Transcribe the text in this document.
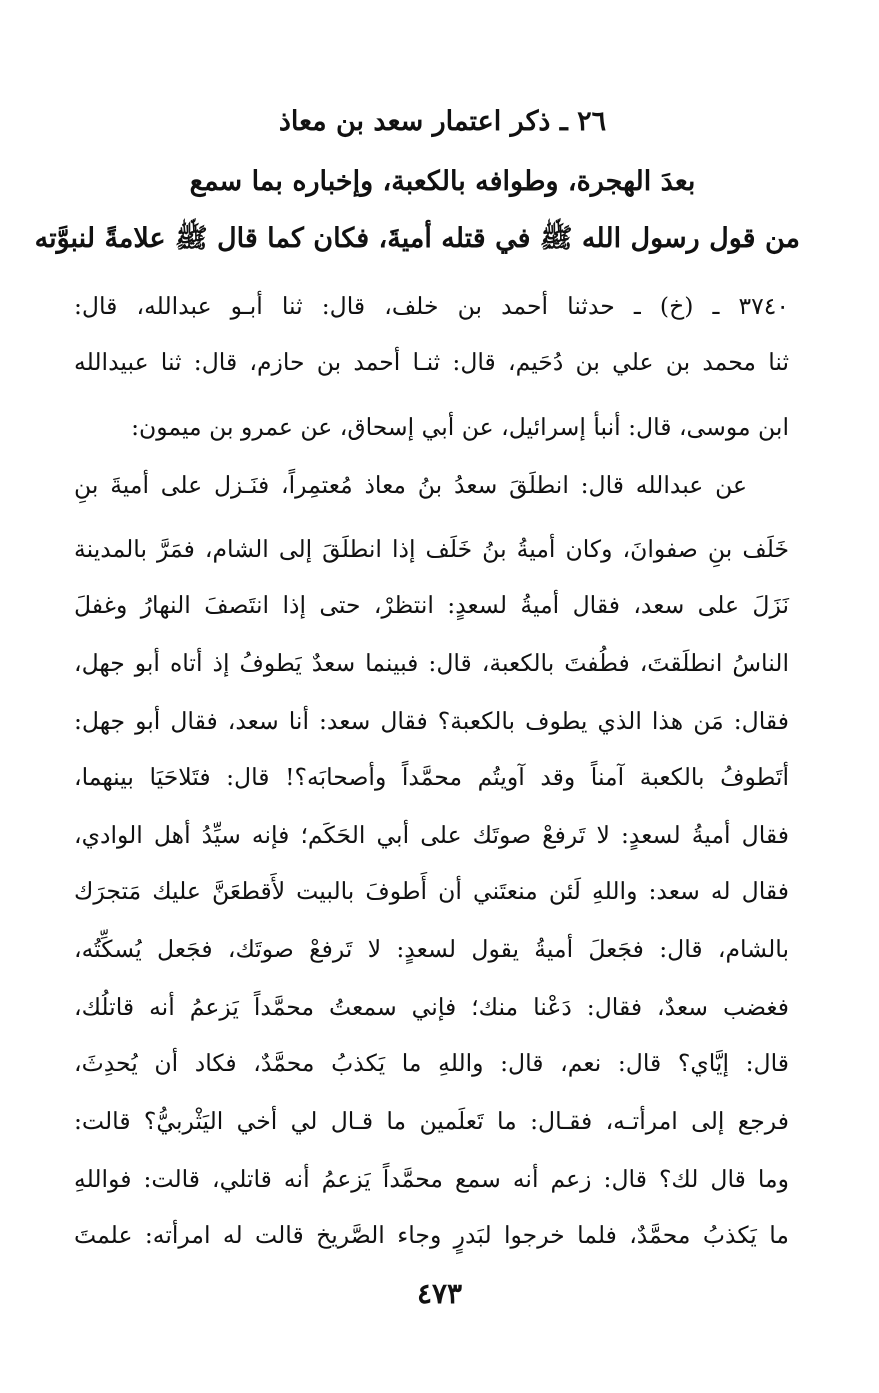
٢٦ ـ ذكر اعتمار سعد بن معاذ
بعدَ الهجرة، وطوافه بالكعبة، وإخباره بما سمع
من قول رسول الله ﷺ في قتله أميةَ، فكان كما قال ﷺ علامةً لنبوَّته
٣٧٤٠ ـ (خ) ـ حدثنا أحمد بن خلف، قال: ثنا أبـو عبدالله، قال:
ثنا محمد بن علي بن دُحَيم، قال: ثنـا أحمد بن حازم، قال: ثنا عبيدالله
ابن موسى، قال: أنبأ إسرائيل، عن أبي إسحاق، عن عمرو بن ميمون:
عن عبدالله قال: انطلَقَ سعدُ بنُ معاذ مُعتمِراً، فنَـزل على أميةَ بنِ
خَلَف بنِ صفوانَ، وكان أميةُ بنُ خَلَف إذا انطلَقَ إلى الشام، فمَرَّ بالمدينة
نَزَلَ على سعد، فقال أميةُ لسعدٍ: انتظرْ، حتى إذا انتَصفَ النهارُ وغفلَ
الناسُ انطلَقتَ، فطُفتَ بالكعبة، قال: فبينما سعدٌ يَطوفُ إذ أتاه أبو جهل،
فقال: مَن هذا الذي يطوف بالكعبة؟ فقال سعد: أنا سعد، فقال أبو جهل:
أتَطوفُ بالكعبة آمناً وقد آويتُم محمَّداً وأصحابَه؟! قال: فتَلاحَيَا بينهما،
فقال أميةُ لسعدٍ: لا تَرفعْ صوتَك على أبي الحَكَم؛ فإنه سيِّدُ أهل الوادي،
فقال له سعد: واللهِ لَئن منعتَني أن أَطوفَ بالبيت لأَقطعَنَّ عليك مَتجرَك
بالشام، قال: فجَعلَ أميةُ يقول لسعدٍ: لا تَرفعْ صوتَك، فجَعل يُسكِّتُه،
فغضب سعدٌ، فقال: دَعْنا منك؛ فإني سمعتُ محمَّداً يَزعمُ أنه قاتلُك،
قال: إيَّاي؟ قال: نعم، قال: واللهِ ما يَكذبُ محمَّدٌ، فكاد أن يُحدِثَ،
فرجع إلى امرأتـه، فقـال: ما تَعلَمين ما قـال لي أخي اليَثْربيُّ؟ قالت:
وما قال لك؟ قال: زعم أنه سمع محمَّداً يَزعمُ أنه قاتلي، قالت: فواللهِ
ما يَكذبُ محمَّدٌ، فلما خرجوا لبَدرٍ وجاء الصَّريخ قالت له امرأته: علمتَ
٤٧٣
